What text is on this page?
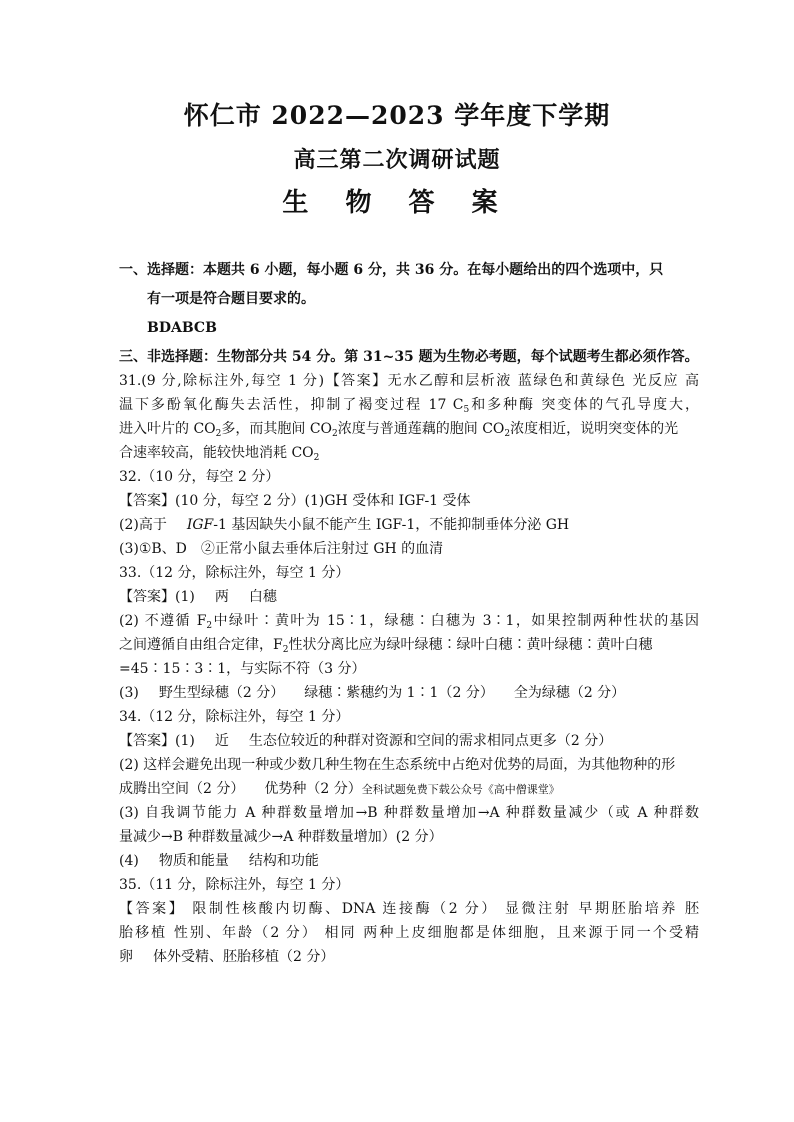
怀仁市 2022—2023 学年度下学期
高三第二次调研试题
生 物 答 案
一、选择题：本题共 6 小题，每小题 6 分，共 36 分。在每小题给出的四个选项中，只
有一项是符合题目要求的。
BDABCB
三、非选择题：生物部分共 54 分。第 31~35 题为生物必考题，每个试题考生都必须作答。
31.(9 分,除标注外,每空 1 分)【答案】无水乙醇和层析液 蓝绿色和黄绿色 光反应 高
温下多酚氧化酶失去活性，抑制了褐变过程 17 $C_5$和多种酶 突变体的气孔导度大，
进入叶片的 $CO_2$多，而其胞间 $CO_2$浓度与普通莲藕的胞间 $CO_2$浓度相近，说明突变体的光
合速率较高，能较快地消耗 $CO_2$
32.（10 分，每空 2 分）
【答案】(10 分，每空 2 分）(1)GH 受体和 IGF-1 受体
(2)高于 IGF-1 基因缺失小鼠不能产生 IGF-1，不能抑制垂体分泌 GH
(3)①B、D　②正常小鼠去垂体后注射过 GH 的血清
33.（12 分，除标注外，每空 1 分）
【答案】(1) 两 白穗
(2) 不遵循 $F_2$中绿叶∶黄叶为 15∶1，绿穗∶白穗为 3∶1，如果控制两种性状的基因
之间遵循自由组合定律，$F_2$性状分离比应为绿叶绿穗∶绿叶白穗∶黄叶绿穗∶黄叶白穗
=45∶15∶3∶1，与实际不符（3 分）
(3) 野生型绿穗（2 分） 绿穗∶紫穗约为 1∶1（2 分） 全为绿穗（2 分）
34.（12 分，除标注外，每空 1 分）
【答案】(1) 近 生态位较近的种群对资源和空间的需求相同点更多（2 分）
(2) 这样会避免出现一种或少数几种生物在生态系统中占绝对优势的局面，为其他物种的形
成腾出空间（2 分） 优势种（2 分）全科试题免费下载公众号《高中僧课堂》
(3) 自我调节能力 A 种群数量增加→B 种群数量增加→A 种群数量减少（或 A 种群数
量减少→B 种群数量减少→A 种群数量增加）(2 分）
(4) 物质和能量 结构和功能
35.（11 分，除标注外，每空 1 分）
【答案】 限制性核酸内切酶、DNA 连接酶（2 分） 显微注射 早期胚胎培养 胚
胎移植 性别、年龄（2 分） 相同 两种上皮细胞都是体细胞，且来源于同一个受精
卵 体外受精、胚胎移植（2 分）
